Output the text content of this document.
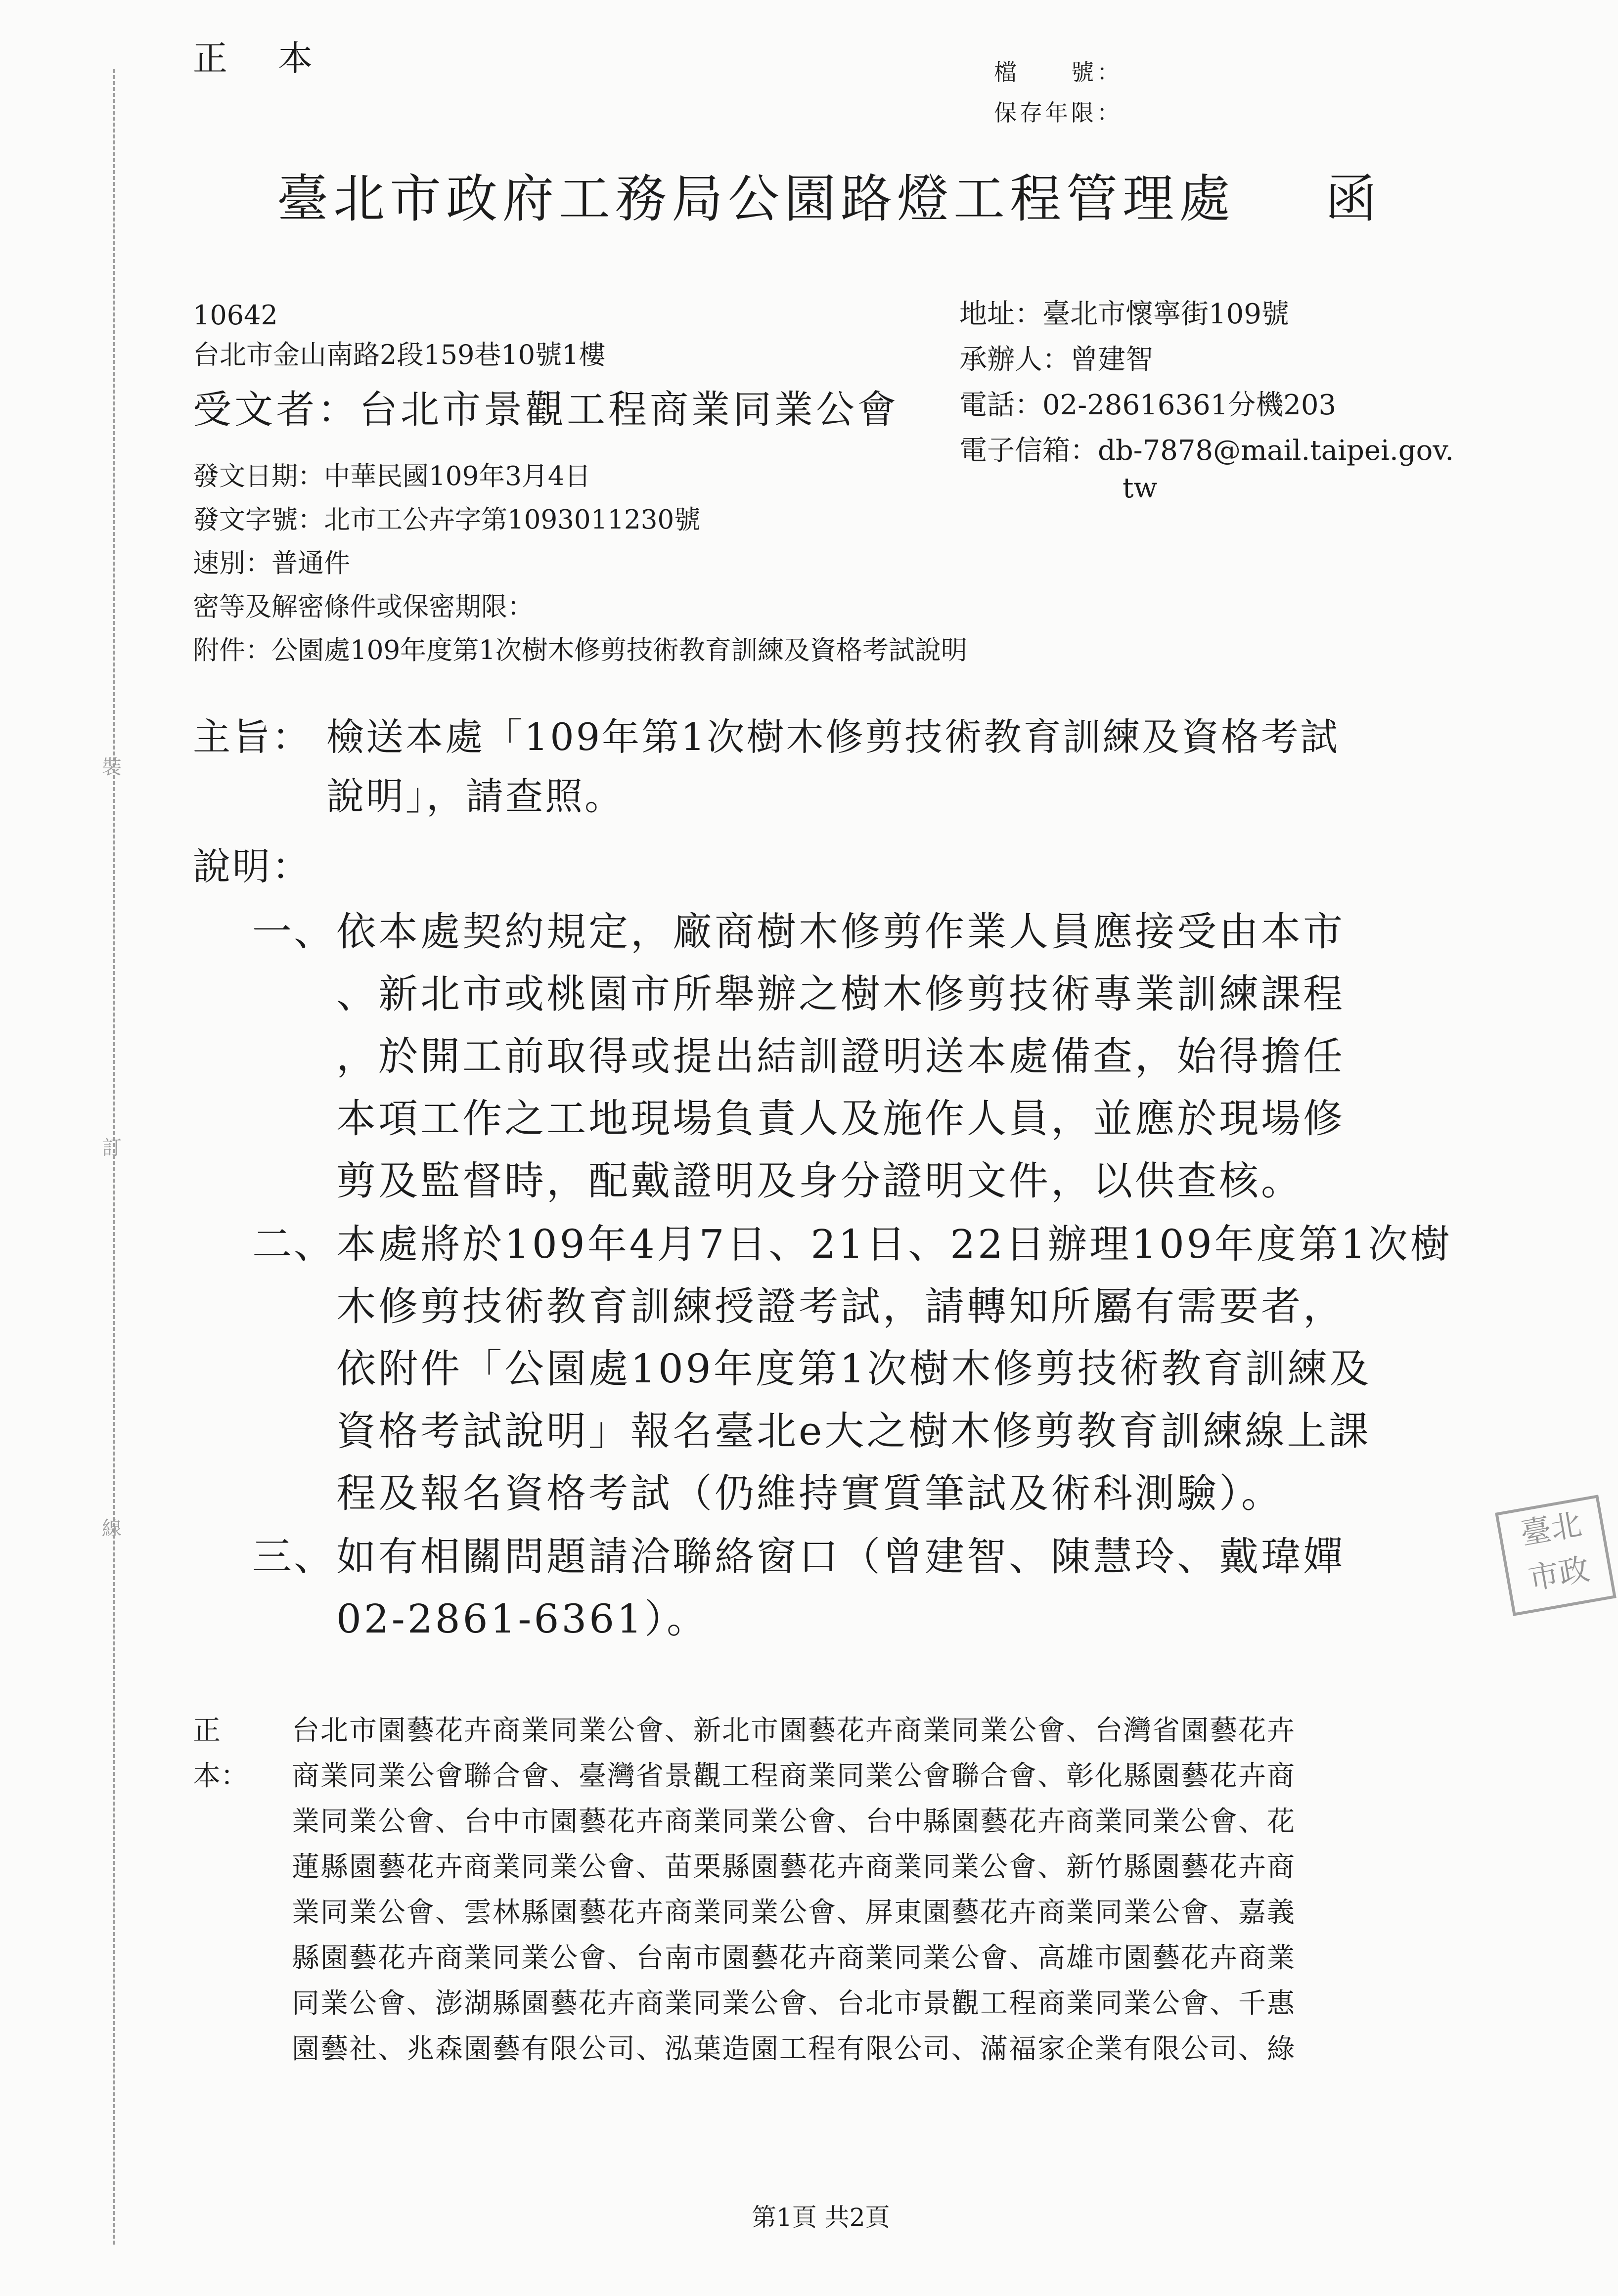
裝
訂
線
正 本	檔　　號：
保存年限：
臺北市政府工務局公園路燈工程管理處 函
10642
台北市金山南路2段159巷10號1樓
受文者：台北市景觀工程商業同業公會
地址：臺北市懷寧街109號
承辦人：曾建智
電話：02-28616361分機203
電子信箱：db-7878@mail.taipei.gov.
tw
發文日期：中華民國109年3月4日
發文字號：北市工公卉字第1093011230號
速別：普通件
密等及解密條件或保密期限：
附件：公園處109年度第1次樹木修剪技術教育訓練及資格考試說明
主旨： 檢送本處「109年第1次樹木修剪技術教育訓練及資格考試
說明」，請查照。
說明：
一、 依本處契約規定，廠商樹木修剪作業人員應接受由本市
、新北市或桃園市所舉辦之樹木修剪技術專業訓練課程
，於開工前取得或提出結訓證明送本處備查，始得擔任
本項工作之工地現場負責人及施作人員，並應於現場修
剪及監督時，配戴證明及身分證明文件，以供查核。
二、 本處將於109年4月7日、21日、22日辦理109年度第1次樹
木修剪技術教育訓練授證考試，請轉知所屬有需要者，
依附件「公園處109年度第1次樹木修剪技術教育訓練及
資格考試說明」報名臺北e大之樹木修剪教育訓練線上課
程及報名資格考試（仍維持實質筆試及術科測驗）。
三、 如有相關問題請洽聯絡窗口（曾建智、陳慧玲、戴瑋嬋
02-2861-6361）。
臺北
市政
正本：
台北市園藝花卉商業同業公會、新北市園藝花卉商業同業公會、台灣省園藝花卉
商業同業公會聯合會、臺灣省景觀工程商業同業公會聯合會、彰化縣園藝花卉商
業同業公會、台中市園藝花卉商業同業公會、台中縣園藝花卉商業同業公會、花
蓮縣園藝花卉商業同業公會、苗栗縣園藝花卉商業同業公會、新竹縣園藝花卉商
業同業公會、雲林縣園藝花卉商業同業公會、屏東園藝花卉商業同業公會、嘉義
縣園藝花卉商業同業公會、台南市園藝花卉商業同業公會、高雄市園藝花卉商業
同業公會、澎湖縣園藝花卉商業同業公會、台北市景觀工程商業同業公會、千惠
園藝社、兆森園藝有限公司、泓葉造園工程有限公司、滿福家企業有限公司、綠
第1頁 共2頁
